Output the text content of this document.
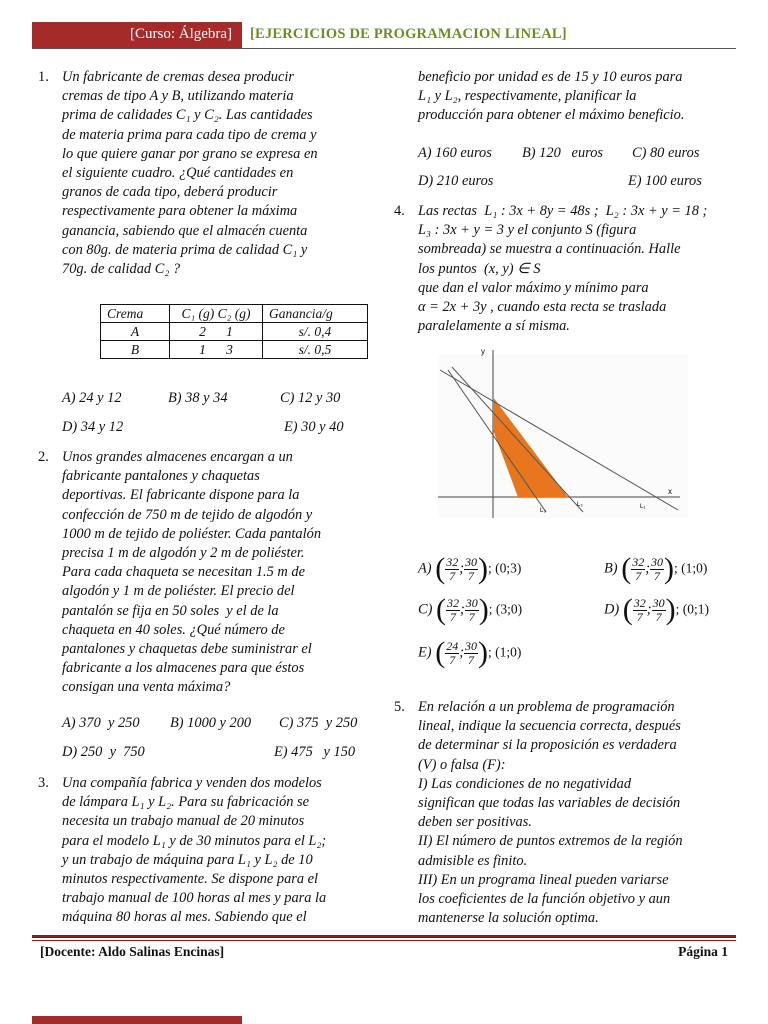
[Curso: Álgebra] [EJERCICIOS DE PROGRAMACION LINEAL]
1. Un fabricante de cremas desea producir

cremas de tipo A y B, utilizando materia

prima de calidades C₁ y C₂. Las cantidades

de materia prima para cada tipo de crema y

lo que quiere ganar por grano se expresa en

el siguiente cuadro. ¿Qué cantidades en

granos de cada tipo, deberá producir

respectivamente para obtener la máxima

ganancia, sabiendo que el almacén cuenta

con 80g. de materia prima de calidad C₁ y

70g. de calidad C₂ ?

Crema	C₁ (g) C₂ (g)	Ganancia/g
A	2      1	s/. 0,4
B	1      3	s/. 0,5
A) 24 y 12	B) 38 y 34	C) 12 y 30
D) 34 y 12	E) 30 y 40
2. Unos grandes almacenes encargan a un

fabricante pantalones y chaquetas

deportivas. El fabricante dispone para la

confección de 750 m de tejido de algodón y

1000 m de tejido de poliéster. Cada pantalón

precisa 1 m de algodón y 2 m de poliéster.

Para cada chaqueta se necesitan 1.5 m de

algodón y 1 m de poliéster. El precio del

pantalón se fija en 50 soles  y el de la

chaqueta en 40 soles. ¿Qué número de

pantalones y chaquetas debe suministrar el

fabricante a los almacenes para que éstos

consigan una venta máxima?

A) 370  y 250 B) 1000 y 200 C) 375  y 250
D) 250  y  750	E) 475   y 150
3. Una compañía fabrica y venden dos modelos

de lámpara L₁ y L₂. Para su fabricación se

necesita un trabajo manual de 20 minutos

para el modelo L₁ y de 30 minutos para el L₂;

y un trabajo de máquina para L₁ y L₂ de 10

minutos respectivamente. Se dispone para el

trabajo manual de 100 horas al mes y para la

máquina 80 horas al mes. Sabiendo que el

beneficio por unidad es de 15 y 10 euros para

L₁ y L₂, respectivamente, planificar la

producción para obtener el máximo beneficio.

A) 160 euros B) 120   euros C) 80 euros
D) 210 euros	E) 100 euros
4. Las rectas  L₁ : 3x + 8y = 48s ;  L₂ : 3x + y = 18 ;

L₃ : 3x + y = 3 y el conjunto S (figura

sombreada) se muestra a continuación. Halle

los puntos  (x, y) ∈ S

que dan el valor máximo y mínimo para

α = 2x + 3y , cuando esta recta se traslada

paralelamente a sí misma.

y
x
L₃
L₂	L₁
A) ( $\frac{32}{7}$ ; $\frac{30}{7}$ ); (0;3)	B) ( $\frac{32}{7}$ ; $\frac{30}{7}$ ); (1;0)
C) ( $\frac{32}{7}$ ; $\frac{30}{7}$ ); (3;0)	D) ( $\frac{32}{7}$ ; $\frac{30}{7}$ ); (0;1)
E) ( $\frac{24}{7}$ ; $\frac{30}{7}$ ); (1;0)
5. En relación a un problema de programación

lineal, indique la secuencia correcta, después

de determinar si la proposición es verdadera

(V) o falsa (F):

I) Las condiciones de no negatividad

significan que todas las variables de decisión

deben ser positivas.

II) El número de puntos extremos de la región

admisible es finito.

III) En un programa lineal pueden variarse

los coeficientes de la función objetivo y aun

mantenerse la solución optima.

[Docente: Aldo Salinas Encinas]	Página 1
